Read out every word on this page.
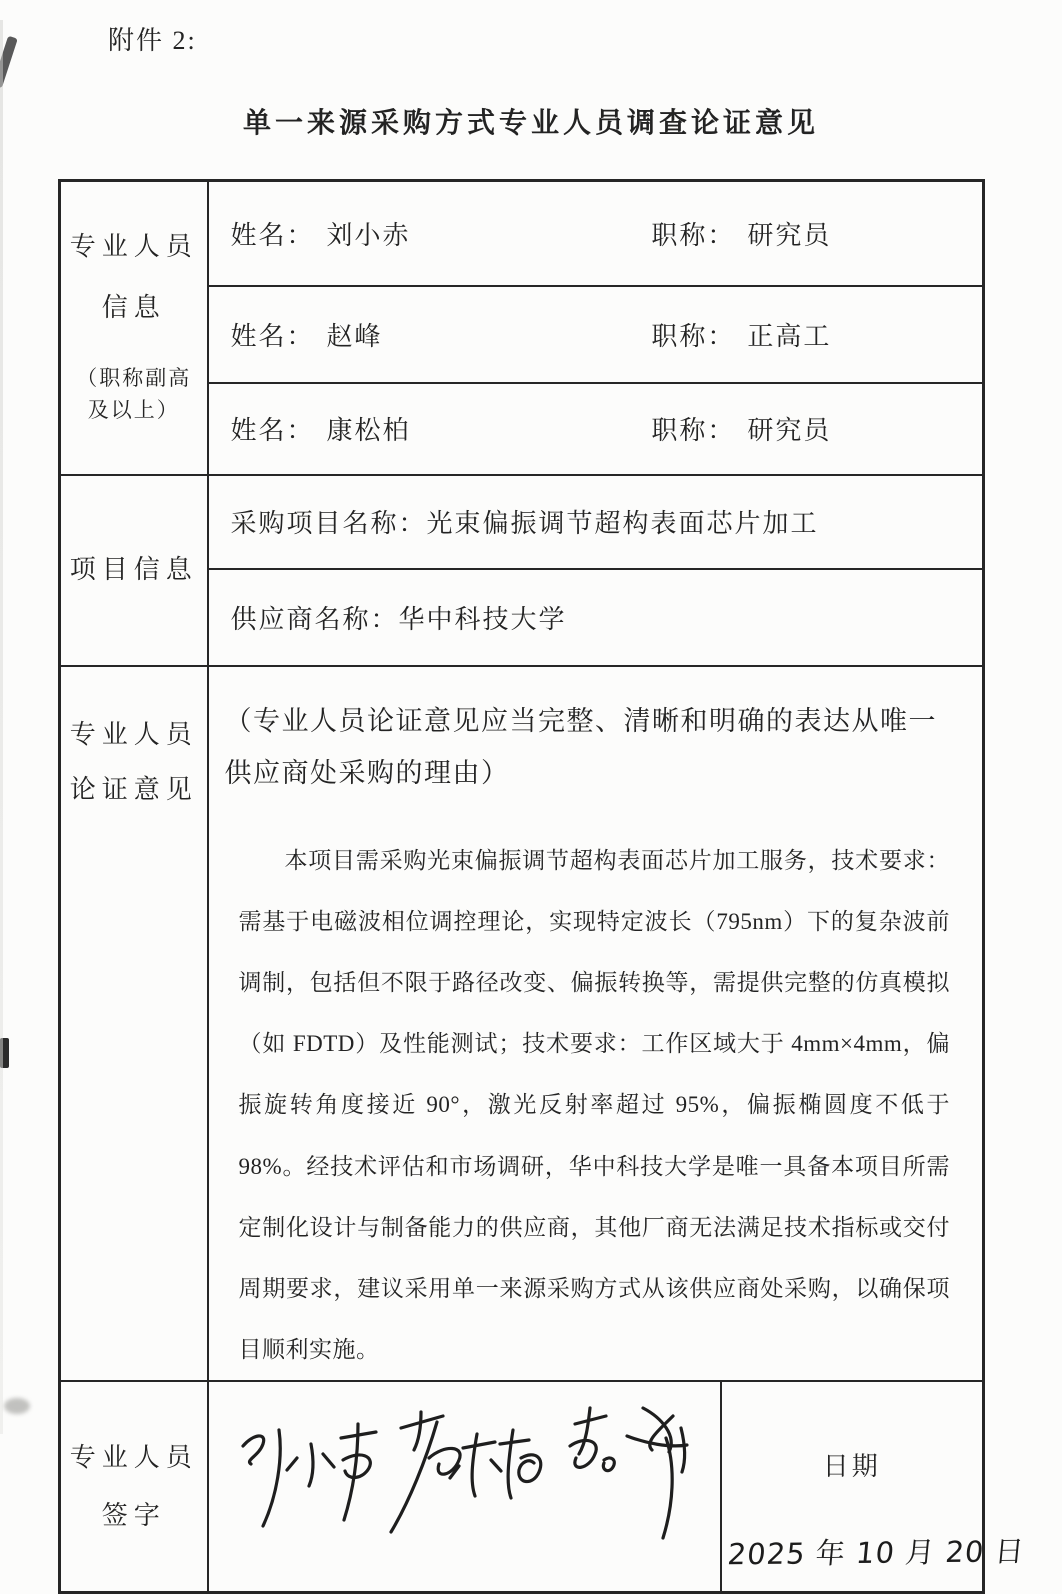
附件 2:
单一来源采购方式专业人员调查论证意见
专业人员
信息
（职称副高及以上）	姓名： 刘小赤 职称： 研究员	

	姓名： 赵峰 职称： 正高工	

	姓名： 康松柏 职称： 研究员	

项目信息	采购项目名称： 光束偏振调节超构表面芯片加工	

	供应商名称： 华中科技大学	

专业人员
论证意见

（专业人员论证意见应当完整、清晰和明确的表达从唯一供应商处采购的理由）
本项目需采购光束偏振调节超构表面芯片加工服务，技术要求：需基于电磁波相位调控理论，实现特定波长（795nm）下的复杂波前调制，包括但不限于路径改变、偏振转换等，需提供完整的仿真模拟（如 FDTD）及性能测试；技术要求：工作区域大于 4mm×4mm，偏振旋转角度接近 90°，激光反射率超过 95%，偏振椭圆度不低于 98%。经技术评估和市场调研，华中科技大学是唯一具备本项目所需定制化设计与制备能力的供应商，其他厂商无法满足技术指标或交付周期要求，建议采用单一来源采购方式从该供应商处采购，以确保项目顺利实施。

专业人员
签字

日期
2025 年 10 月 20 日
